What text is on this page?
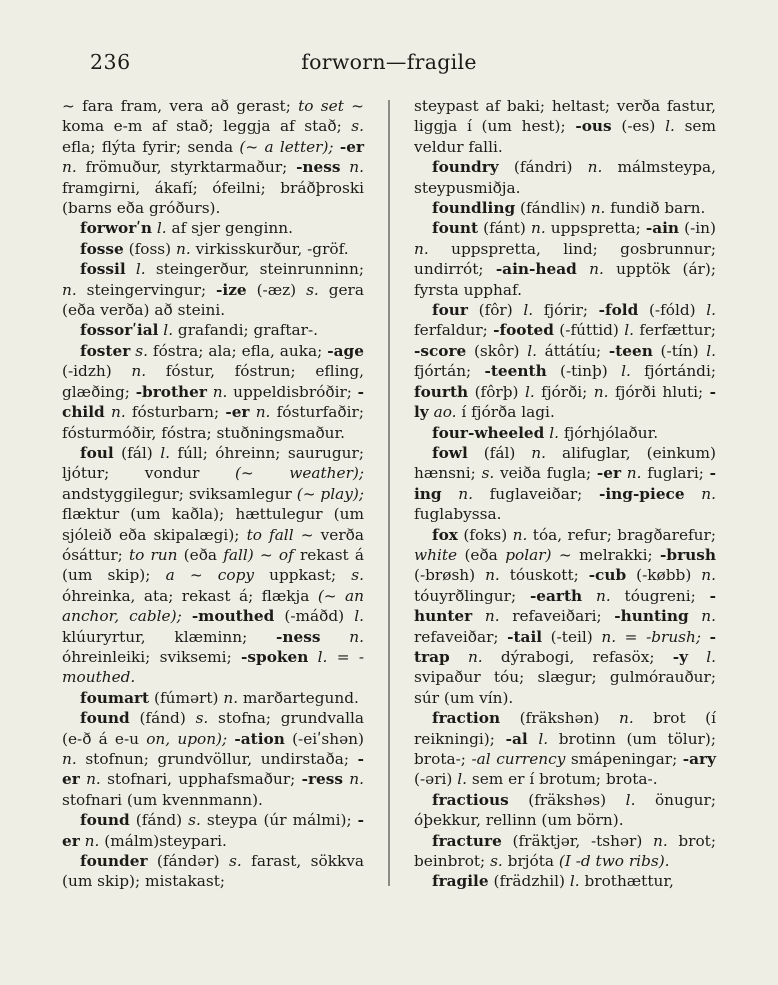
236	forworn—fragile

~ fara fram, vera að gerast; to set ~ koma e-m af stað; leggja af stað; s. efla; flýta fyrir; senda (~ a letter); -er n. frömuður, styrktarmaður; -ness n. framgirni, ákafí; ófeilni; bráðþroski (barns eða gróðurs).

forworʹn l. af sjer genginn.

fosse (foss) n. virkisskurður, -gröf.

fossil l. steingerður, steinrunninn; n. steingervingur; -ize (-æz) s. gera (eða verða) að steini.

fossorʹial l. grafandi; graftar-.

foster s. fóstra; ala; efla, auka; -age (-idzh) n. fóstur, fóstrun; efling, glæðing; -brother n. uppeldisbróðir; -child n. fósturbarn; -er n. fósturfaðir; fósturmóðir, fóstra; stuðningsmaður.

foul (fál) l. fúll; óhreinn; saurugur; ljótur; vondur (~ weather); andstyggilegur; sviksamlegur (~ play); flæktur (um kaðla); hættulegur (um sjóleið eða skipalægi); to fall ~ verða ósáttur; to run (eða fall) ~ of rekast á (um skip); a ~ copy uppkast; s. óhreinka, ata; rekast á; flækja (~ an anchor, cable); -mouthed (-máðd) l. klúuryrtur, klæminn; -ness n. óhreinleiki; sviksemi; -spoken l. = -mouthed.

foumart (fúmərt) n. marðartegund.

found (fánd) s. stofna; grundvalla (e-ð á e-u on, upon); -ation (-eiʹshən) n. stofnun; grundvöllur, undirstaða; -er n. stofnari, upphafsmaður; -ress n. stofnari (um kvennmann).

found (fánd) s. steypa (úr málmi); -er n. (málm)steypari.

founder (fándər) s. farast, sökkva (um skip); mistakast;

steypast af baki; heltast; verða fastur, liggja í (um hest); -ous (-es) l. sem veldur falli.

foundry (fándri) n. málmsteypa, steypusmiðja.

foundling (fándlin) n. fundið barn.

fount (fánt) n. uppspretta; -ain (-in) n. uppspretta, lind; gosbrunnur; undirrót; -ain-head n. upptök (ár); fyrsta upphaf.

four (fôr) l. fjórir; -fold (-fóld) l. ferfaldur; -footed (-fúttid) l. ferfættur; -score (skôr) l. áttátíu; -teen (-tín) l. fjórtán; -teenth (-tinþ) l. fjórtándi; fourth (fôrþ) l. fjórði; n. fjórði hluti; -ly ao. í fjórða lagi.

four-wheeled l. fjórhjólaður.

fowl (fál) n. alifuglar, (einkum) hænsni; s. veiða fugla; -er n. fuglari; -ing n. fuglaveiðar; -ing-piece n. fuglabyssa.

fox (foks) n. tóa, refur; bragðarefur; white (eða polar) ~ melrakki; -brush (-brøsh) n. tóuskott; -cub (-købb) n. tóuyrðlingur; -earth n. tóugreni; -hunter n. refaveiðari; -hunting n. refaveiðar; -tail (-teil) n. = -brush; -trap n. dýrabogi, refasöx; -y l. svipaður tóu; slægur; gulmórauður; súr (um vín).

fraction (fräkshən) n. brot (í reikningi); -al l. brotinn (um tölur); brota-; -al currency smápeningar; -ary (-əri) l. sem er í brotum; brota-.

fractious (fräkshəs) l. önugur; óþekkur, rellinn (um börn).

fracture (fräktjər, -tshər) n. brot; beinbrot; s. brjóta (I -d two ribs).

fragile (frädzhil) l. brothættur,
